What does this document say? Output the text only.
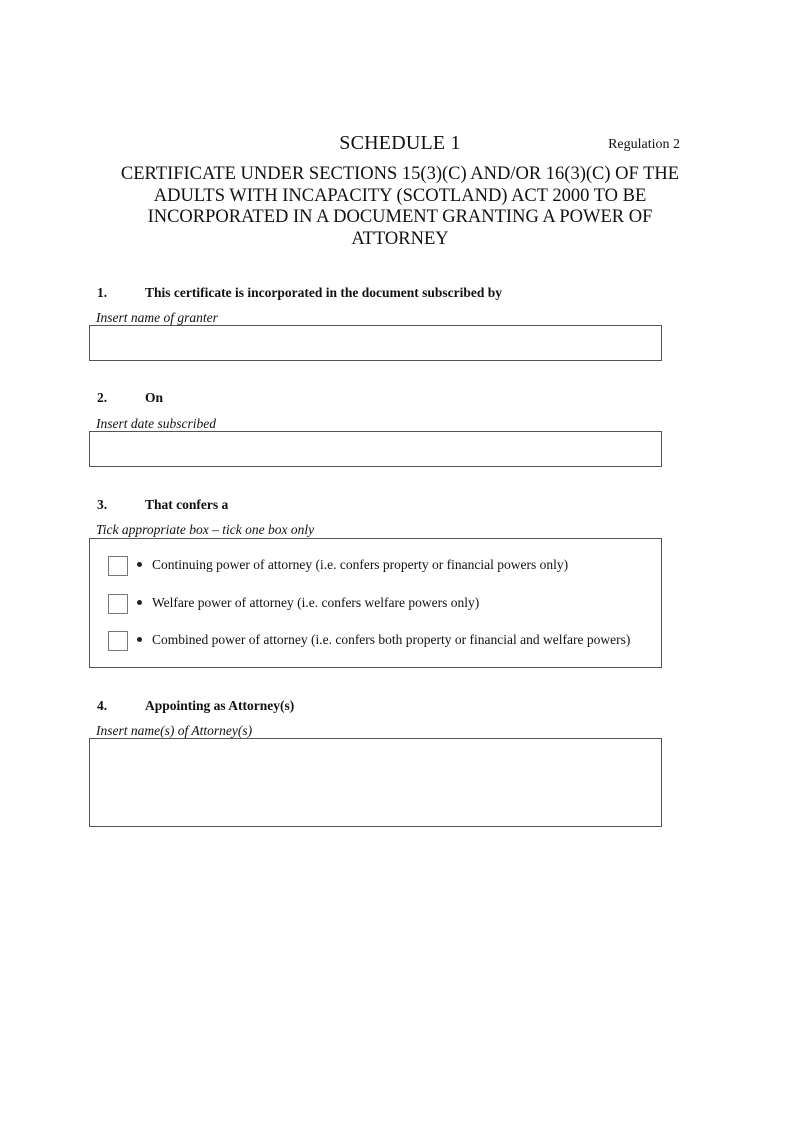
SCHEDULE 1	Regulation 2
CERTIFICATE UNDER SECTIONS 15(3)(C) AND/OR 16(3)(C) OF THE ADULTS WITH INCAPACITY (SCOTLAND) ACT 2000 TO BE INCORPORATED IN A DOCUMENT GRANTING A POWER OF ATTORNEY
1.	This certificate is incorporated in the document subscribed by
Insert name of granter
2.	On
Insert date subscribed
3.	That confers a
Tick appropriate box – tick one box only
Continuing power of attorney (i.e. confers property or financial powers only)
Welfare power of attorney (i.e. confers welfare powers only)
Combined power of attorney (i.e. confers both property or financial and welfare powers)
4.	Appointing as Attorney(s)
Insert name(s) of Attorney(s)
